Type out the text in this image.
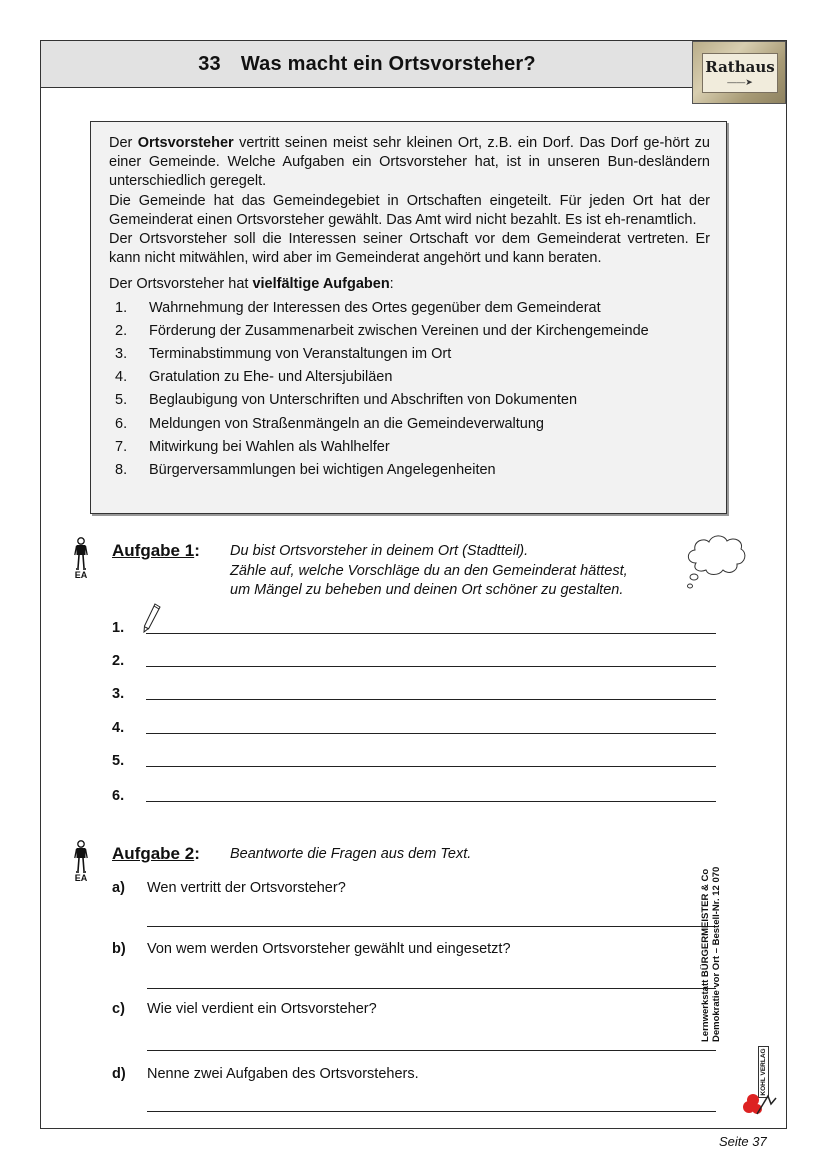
33 Was macht ein Ortsvorsteher?	Rathaus
——➤

Der Ortsvorsteher vertritt seinen meist sehr kleinen Ort, z.B. ein Dorf. Das Dorf ge-hört zu einer Gemeinde. Welche Aufgaben ein Ortsvorsteher hat, ist in unseren Bun-desländern unterschiedlich geregelt.

Die Gemeinde hat das Gemeindegebiet in Ortschaften eingeteilt. Für jeden Ort hat der Gemeinderat einen Ortsvorsteher gewählt. Das Amt wird nicht bezahlt. Es ist eh-renamtlich.

Der Ortsvorsteher soll die Interessen seiner Ortschaft vor dem Gemeinderat vertreten. Er kann nicht mitwählen, wird aber im Gemeinderat angehört und kann beraten.

Der Ortsvorsteher hat vielfältige Aufgaben:

1.	Wahrnehmung der Interessen des Ortes gegenüber dem Gemeinderat
2.	Förderung der Zusammenarbeit zwischen Vereinen und der Kirchengemeinde
3.	Terminabstimmung von Veranstaltungen im Ort
4.	Gratulation zu Ehe- und Altersjubiläen
5.	Beglaubigung von Unterschriften und Abschriften von Dokumenten
6.	Meldungen von Straßenmängeln an die Gemeindeverwaltung
7.	Mitwirkung bei Wahlen als Wahlhelfer
8.	Bürgerversammlungen bei wichtigen Angelegenheiten
EA
Aufgabe 1: Du bist Ortsvorsteher in deinem Ort (Stadtteil).
Zähle auf, welche Vorschläge du an den Gemeinderat hättest,
um Mängel zu beheben und deinen Ort schöner zu gestalten.
1.
2.
3.
4.
5.
6.
EA
Aufgabe 2: Beantworte die Fragen aus dem Text.
a) Wen vertritt der Ortsvorsteher?
b) Von wem werden Ortsvorsteher gewählt und eingesetzt?
c) Wie viel verdient ein Ortsvorsteher?
d) Nenne zwei Aufgaben des Ortsvorstehers.
Lernwerkstatt BÜRGERMEISTER & Co Demokratie vor Ort – Bestell-Nr. 12 070
KOHL VERLAG
Seite 37
